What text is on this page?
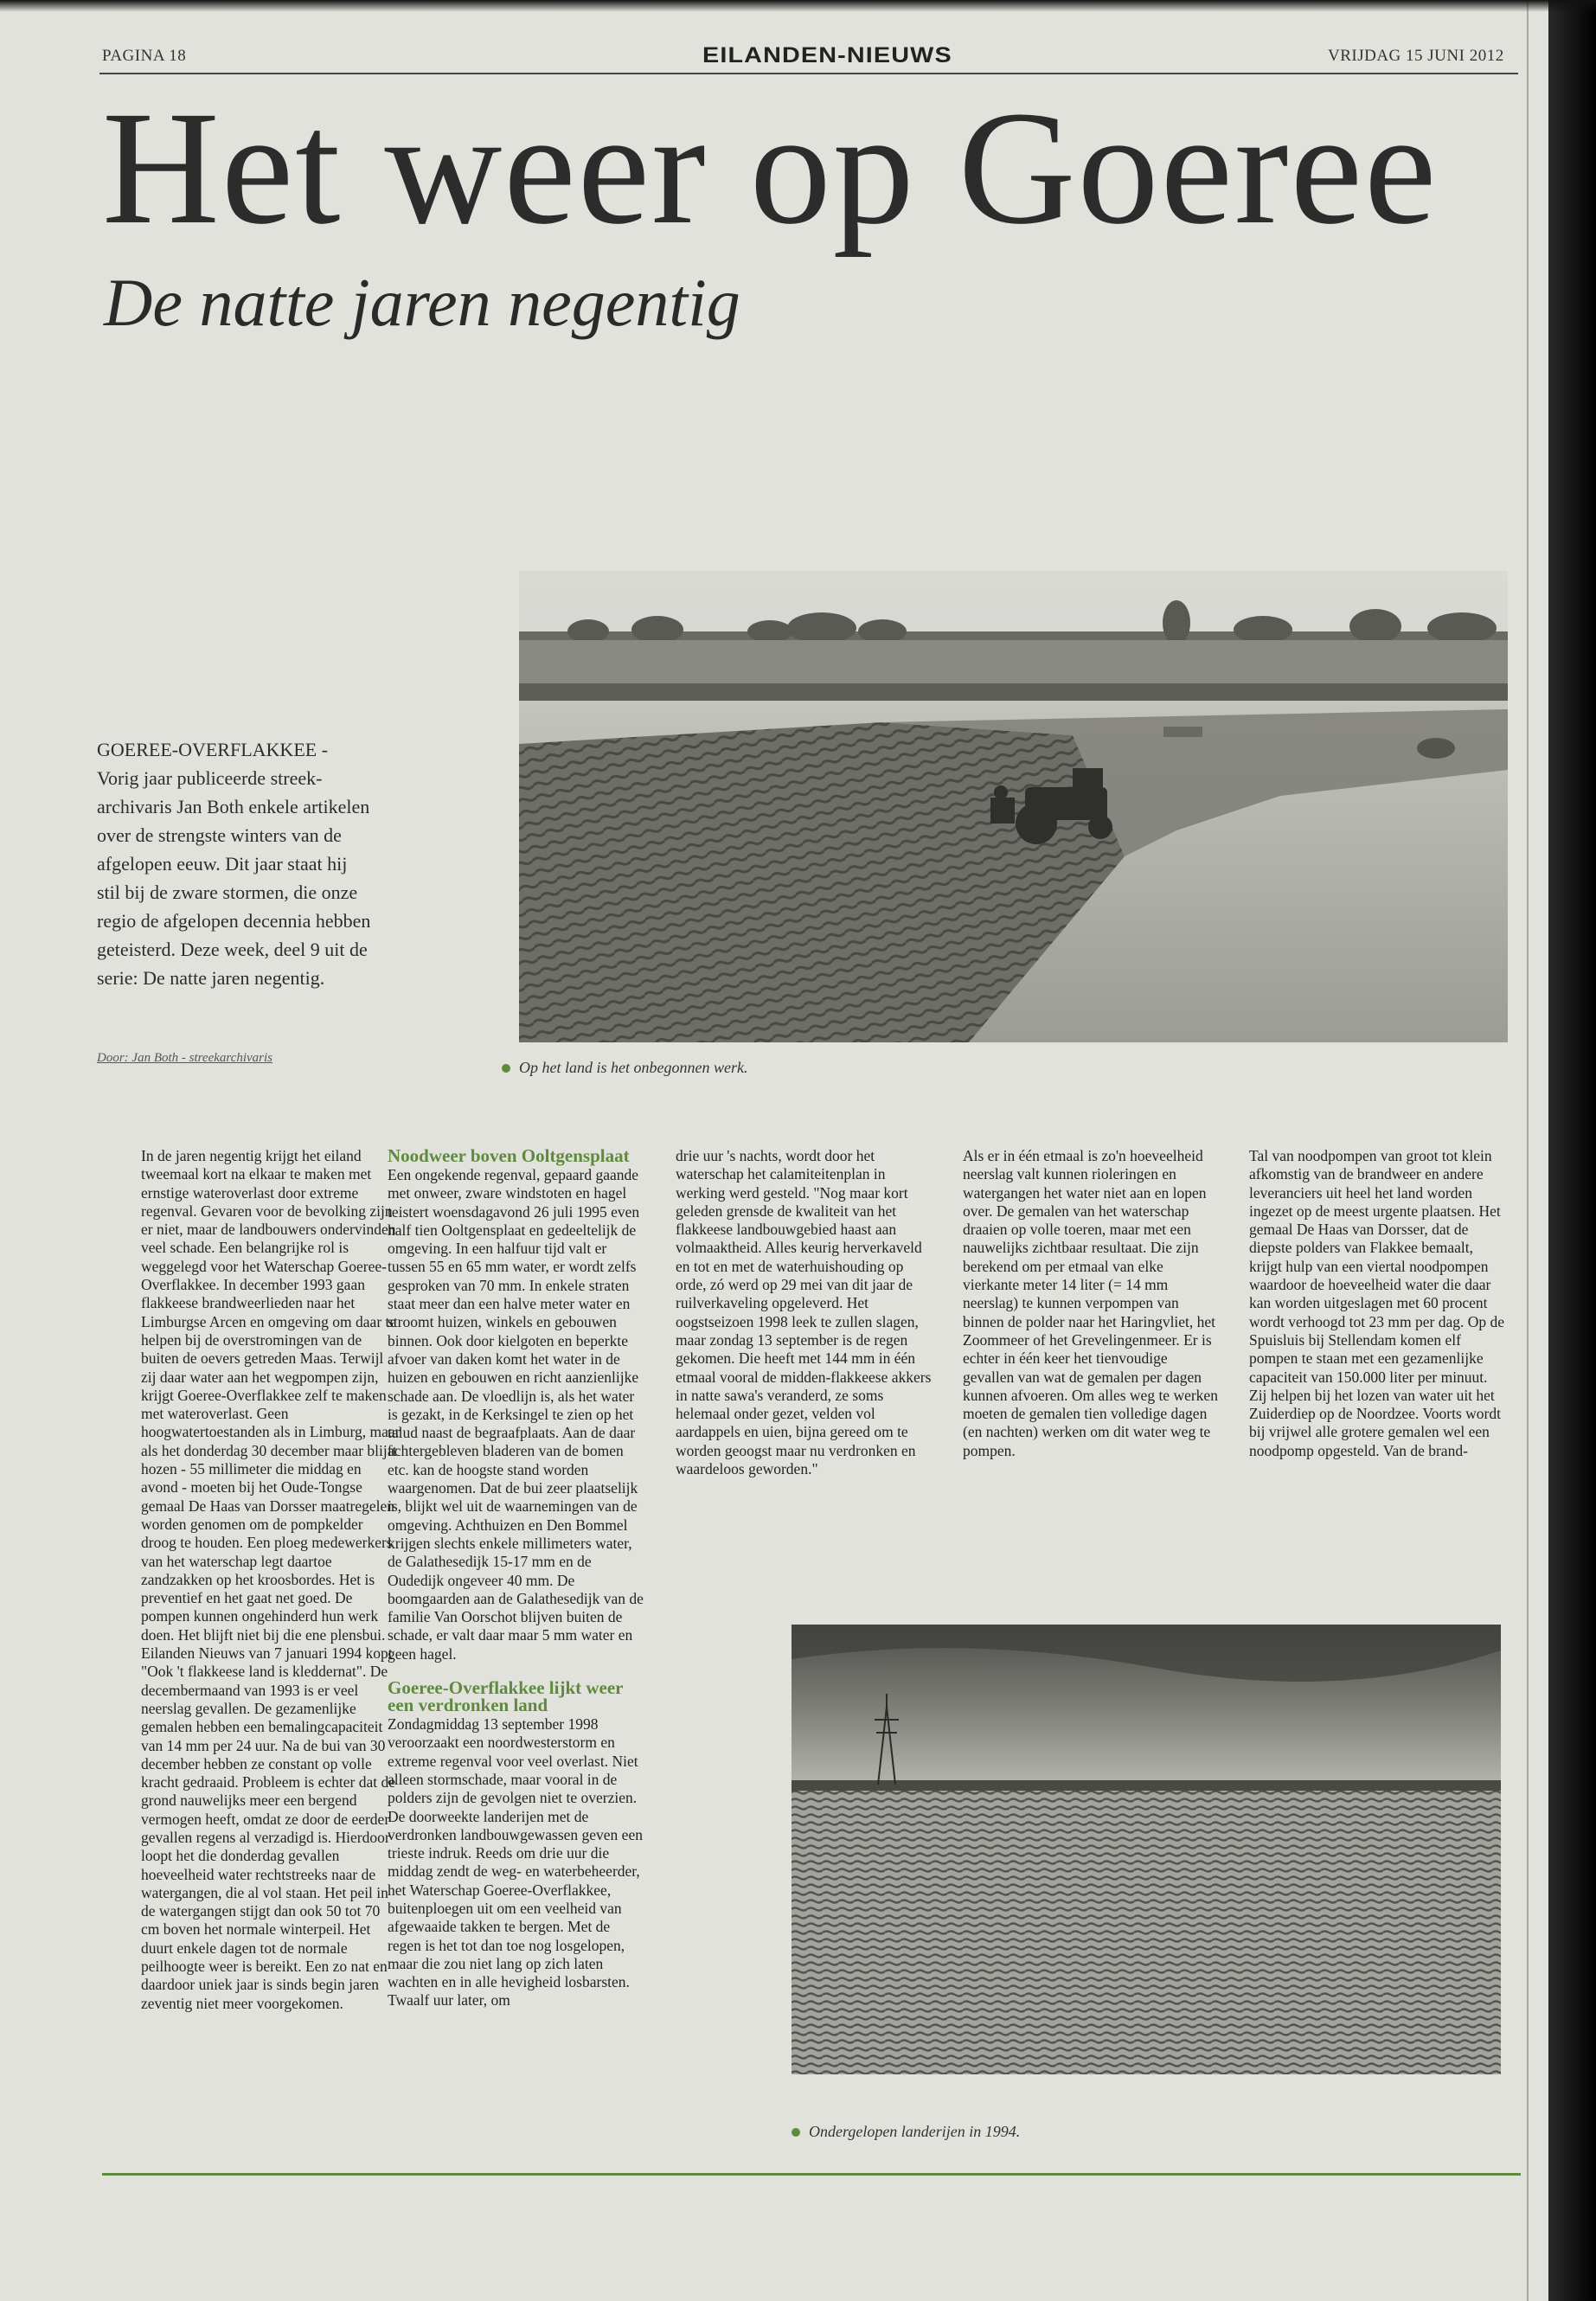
PAGINA 18	EILANDEN-NIEUWS	VRIJDAG 15 JUNI 2012
Het weer op Goeree
De natte jaren negentig
Op het land is het onbegonnen werk.
GOEREE-OVERFLAKKEE - Vorig jaar publiceerde streek-archivaris Jan Both enkele artikelen over de strengste winters van de afgelopen eeuw. Dit jaar staat hij stil bij de zware stormen, die onze regio de afgelopen decennia hebben geteisterd. Deze week, deel 9 uit de serie: De natte jaren negentig.
Door: Jan Both - streekarchivaris

In de jaren negentig krijgt het eiland tweemaal kort na elkaar te maken met ernstige wateroverlast door extreme regenval. Gevaren voor de bevolking zijn er niet, maar de landbouwers ondervinden veel schade. Een belangrijke rol is weggelegd voor het Waterschap Goeree-Overflakkee. In december 1993 gaan flakkeese brandweerlieden naar het Limburgse Arcen en omgeving om daar te helpen bij de overstromingen van de buiten de oevers getreden Maas. Terwijl zij daar water aan het wegpompen zijn, krijgt Goeree-Overflakkee zelf te maken met wateroverlast. Geen hoogwatertoestanden als in Limburg, maar als het donderdag 30 december maar blijft hozen - 55 millimeter die middag en avond - moeten bij het Oude-Tongse gemaal De Haas van Dorsser maatregelen worden genomen om de pompkelder droog te houden. Een ploeg medewerkers van het waterschap legt daartoe zandzakken op het kroosbordes. Het is preventief en het gaat net goed. De pompen kunnen ongehinderd hun werk doen. Het blijft niet bij die ene plensbui. Eilanden Nieuws van 7 januari 1994 kopt "Ook 't flakkeese land is kleddernat". De decembermaand van 1993 is er veel neerslag gevallen. De gezamenlijke gemalen hebben een bemalingcapaciteit van 14 mm per 24 uur. Na de bui van 30 december hebben ze constant op volle kracht gedraaid. Probleem is echter dat de grond nauwelijks meer een bergend vermogen heeft, omdat ze door de eerder gevallen regens al verzadigd is. Hierdoor loopt het die donderdag gevallen hoeveelheid water rechtstreeks naar de watergangen, die al vol staan. Het peil in de watergangen stijgt dan ook 50 tot 70 cm boven het normale winterpeil. Het duurt enkele dagen tot de normale peilhoogte weer is bereikt. Een zo nat en daardoor uniek jaar is sinds begin jaren zeventig niet meer voorgekomen.

Noodweer boven Ooltgensplaat

Een ongekende regenval, gepaard gaande met onweer, zware windstoten en hagel teistert woensdagavond 26 juli 1995 even half tien Ooltgensplaat en gedeeltelijk de omgeving. In een halfuur tijd valt er tussen 55 en 65 mm water, er wordt zelfs gesproken van 70 mm. In enkele straten staat meer dan een halve meter water en stroomt huizen, winkels en gebouwen binnen. Ook door kielgoten en beperkte afvoer van daken komt het water in de huizen en gebouwen en richt aanzienlijke schade aan. De vloedlijn is, als het water is gezakt, in de Kerksingel te zien op het talud naast de begraafplaats. Aan de daar achtergebleven bladeren van de bomen etc. kan de hoogste stand worden waargenomen. Dat de bui zeer plaatselijk is, blijkt wel uit de waarnemingen van de omgeving. Achthuizen en Den Bommel krijgen slechts enkele millimeters water, de Galathesedijk 15-17 mm en de Oudedijk ongeveer 40 mm. De boomgaarden aan de Galathesedijk van de familie Van Oorschot blijven buiten de schade, er valt daar maar 5 mm water en geen hagel.

Goeree-Overflakkee lijkt weer een verdronken land

Zondagmiddag 13 september 1998 veroorzaakt een noordwesterstorm en extreme regenval voor veel overlast. Niet alleen stormschade, maar vooral in de polders zijn de gevolgen niet te overzien. De doorweekte landerijen met de verdronken landbouwgewassen geven een trieste indruk. Reeds om drie uur die middag zendt de weg- en waterbeheerder, het Waterschap Goeree-Overflakkee, buitenploegen uit om een veelheid van afgewaaide takken te bergen. Met de regen is het tot dan toe nog losgelopen, maar die zou niet lang op zich laten wachten en in alle hevigheid losbarsten. Twaalf uur later, om

drie uur 's nachts, wordt door het waterschap het calamiteitenplan in werking werd gesteld. "Nog maar kort geleden grensde de kwaliteit van het flakkeese landbouwgebied haast aan volmaaktheid. Alles keurig herverkaveld en tot en met de waterhuishouding op orde, zó werd op 29 mei van dit jaar de ruilverkaveling opgeleverd. Het oogstseizoen 1998 leek te zullen slagen, maar zondag 13 september is de regen gekomen. Die heeft met 144 mm in één etmaal vooral de midden-flakkeese akkers in natte sawa's veranderd, ze soms helemaal onder gezet, velden vol aardappels en uien, bijna gereed om te worden geoogst maar nu verdronken en waardeloos geworden."

Als er in één etmaal is zo'n hoeveelheid neerslag valt kunnen rioleringen en watergangen het water niet aan en lopen over. De gemalen van het waterschap draaien op volle toeren, maar met een nauwelijks zichtbaar resultaat. Die zijn berekend om per etmaal van elke vierkante meter 14 liter (= 14 mm neerslag) te kunnen verpompen van binnen de polder naar het Haringvliet, het Zoommeer of het Grevelingenmeer. Er is echter in één keer het tienvoudige gevallen van wat de gemalen per dagen kunnen afvoeren. Om alles weg te werken moeten de gemalen tien volledige dagen (en nachten) werken om dit water weg te pompen.

Tal van noodpompen van groot tot klein afkomstig van de brandweer en andere leveranciers uit heel het land worden ingezet op de meest urgente plaatsen. Het gemaal De Haas van Dorsser, dat de diepste polders van Flakkee bemaalt, krijgt hulp van een viertal noodpompen waardoor de hoeveelheid water die daar kan worden uitgeslagen met 60 procent wordt verhoogd tot 23 mm per dag. Op de Spuisluis bij Stellendam komen elf pompen te staan met een gezamenlijke capaciteit van 150.000 liter per minuut. Zij helpen bij het lozen van water uit het Zuiderdiep op de Noordzee. Voorts wordt bij vrijwel alle grotere gemalen wel een noodpomp opgesteld. Van de brand-

Ondergelopen landerijen in 1994.
